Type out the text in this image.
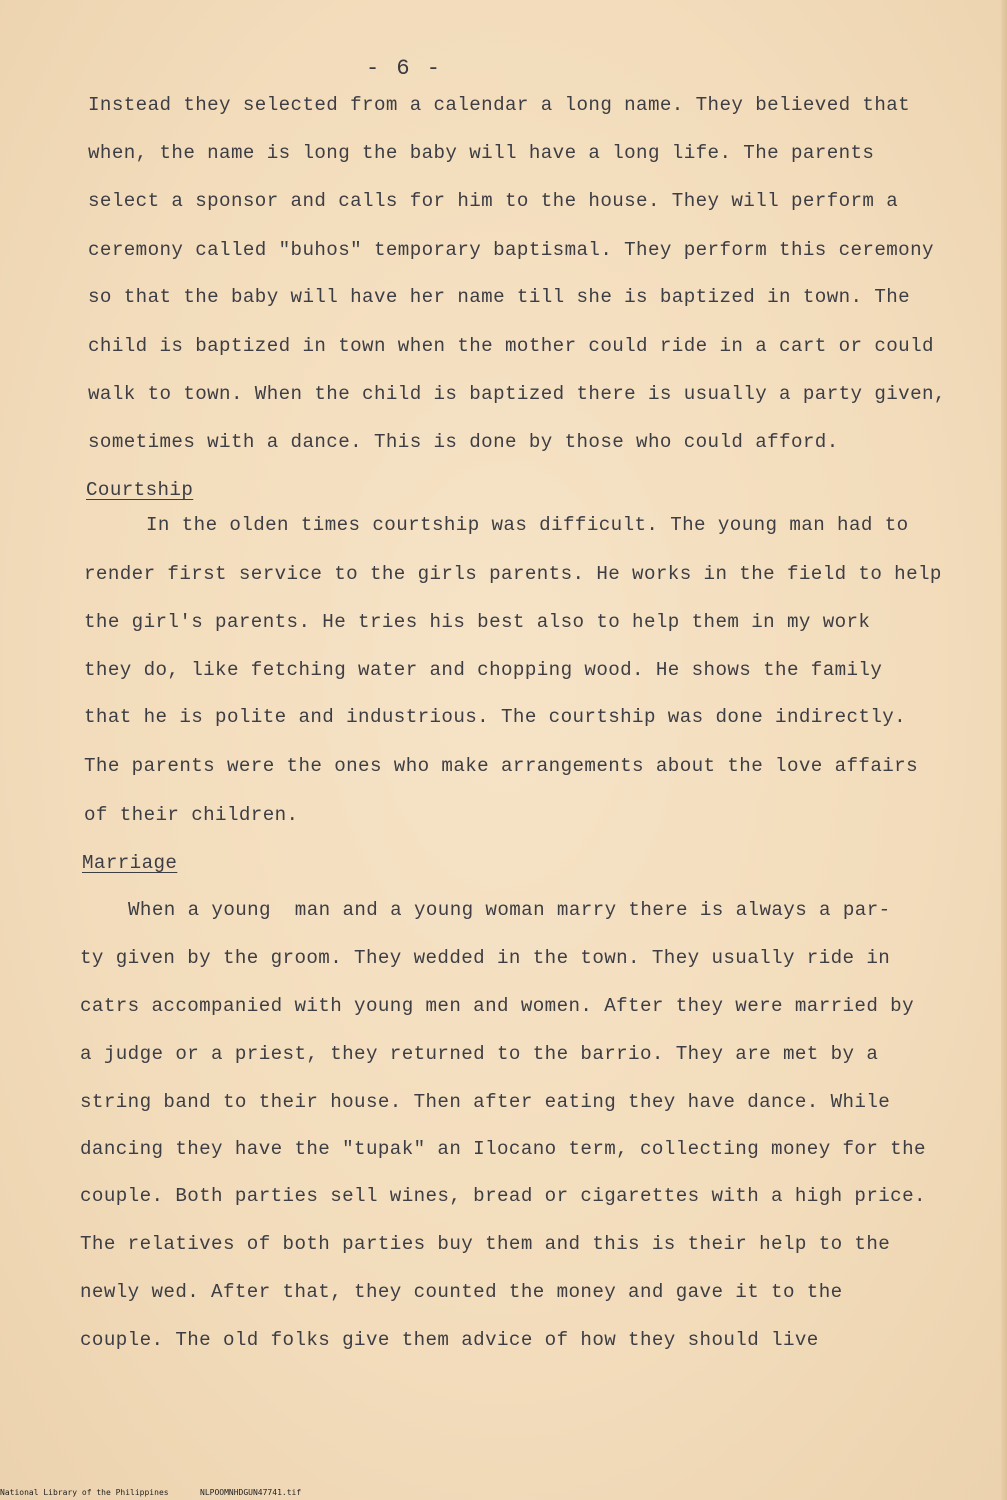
- 6 -
Instead they selected from a calendar a long name. They believed that
when, the name is long the baby will have a long life. The parents
select a sponsor and calls for him to the house. They will perform a
ceremony called "buhos" temporary baptismal. They perform this ceremony
so that the baby will have her name till she is baptized in town. The
child is baptized in town when the mother could ride in a cart or could
walk to town. When the child is baptized there is usually a party given,
sometimes with a dance. This is done by those who could afford.
Courtship
In the olden times courtship was difficult. The young man had to
render first service to the girls parents. He works in the field to help
the girl's parents. He tries his best also to help them in my work
they do, like fetching water and chopping wood. He shows the family
that he is polite and industrious. The courtship was done indirectly.
The parents were the ones who make arrangements about the love affairs
of their children.
Marriage
When a young  man and a young woman marry there is always a par-
ty given by the groom. They wedded in the town. They usually ride in
catrs accompanied with young men and women. After they were married by
a judge or a priest, they returned to the barrio. They are met by a
string band to their house. Then after eating they have dance. While
dancing they have the "tupak" an Ilocano term, collecting money for the
couple. Both parties sell wines, bread or cigarettes with a high price.
The relatives of both parties buy them and this is their help to the
newly wed. After that, they counted the money and gave it to the
couple. The old folks give them advice of how they should live
National Library of the Philippines	NLPOOMNHDGUN47741.tif
